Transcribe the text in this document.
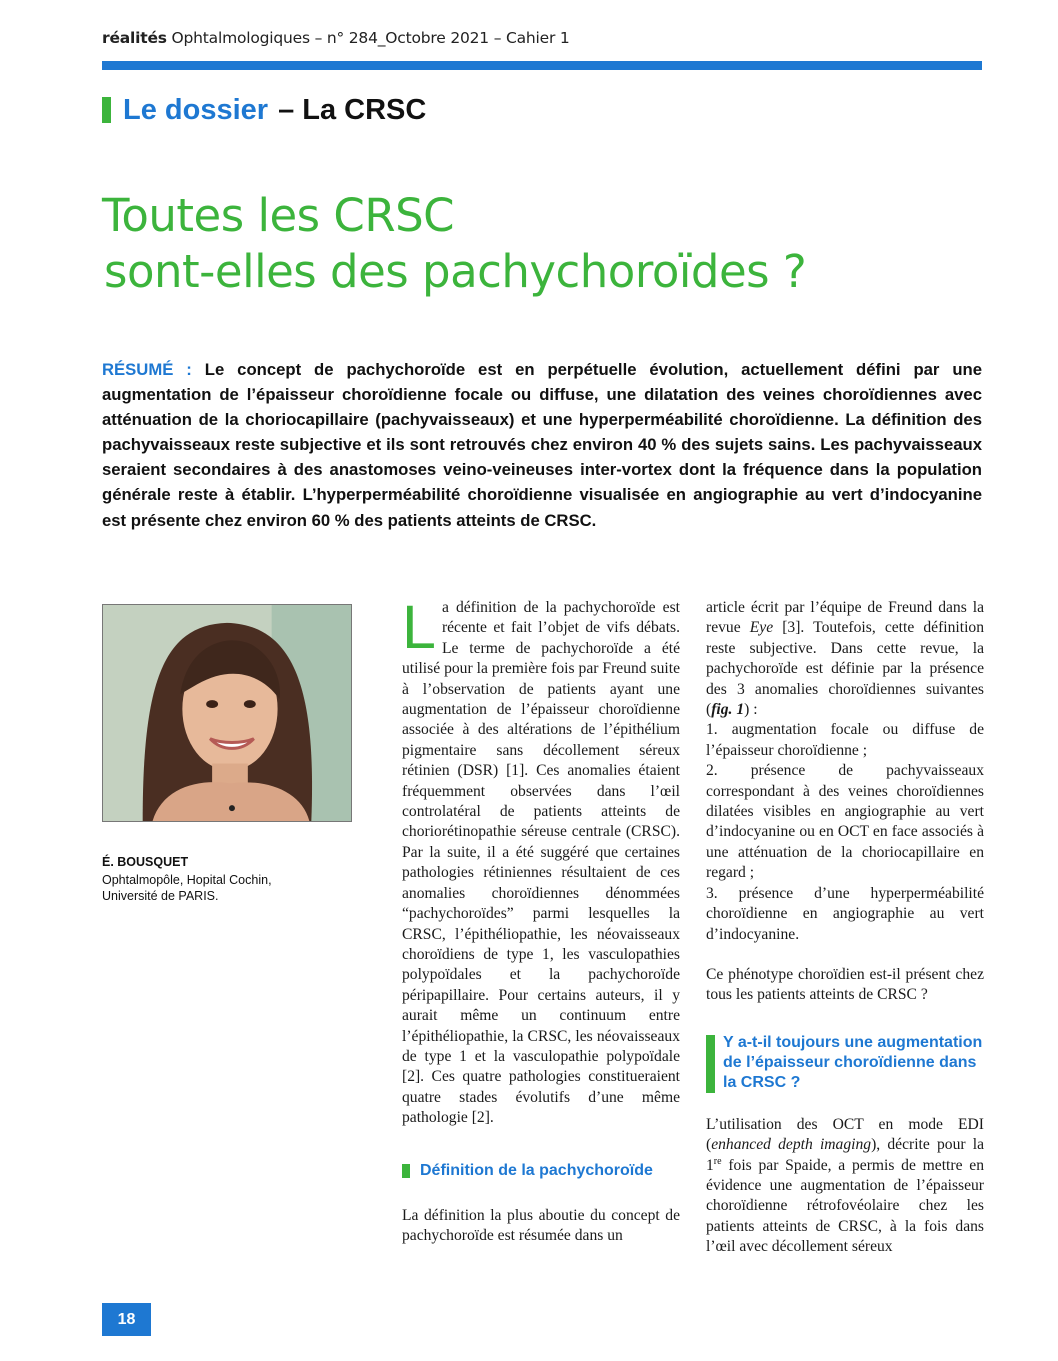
réalités Ophtalmologiques – n° 284_Octobre 2021 – Cahier 1
Le dossier – La CRSC
Toutes les CRSC
sont-elles des pachychoroïdes ?

RÉSUMÉ : Le concept de pachychoroïde est en perpétuelle évolution, actuellement défini par une augmentation de l’épaisseur choroïdienne focale ou diffuse, une dilatation des veines choroïdiennes avec atténuation de la choriocapillaire (pachyvaisseaux) et une hyperperméabilité choroïdienne. La définition des pachyvaisseaux reste subjective et ils sont retrouvés chez environ 40 % des sujets sains. Les pachyvaisseaux seraient secondaires à des anastomoses veino-veineuses inter-vortex dont la fréquence dans la population générale reste à établir. L’hyperperméabilité choroïdienne visualisée en angiographie au vert d’indocyanine est présente chez environ 60 % des patients atteints de CRSC.

É. BOUSQUET
Ophtalmopôle, Hopital Cochin,
Université de PARIS.

La définition de la pachychoroïde est récente et fait l’objet de vifs débats. Le terme de pachychoroïde a été utilisé pour la première fois par Freund suite à l’observation de patients ayant une augmentation de l’épaisseur choroïdienne associée à des altérations de l’épithélium pigmentaire sans décollement séreux rétinien (DSR) [1]. Ces anomalies étaient fréquemment observées dans l’œil controlatéral de patients atteints de choriorétinopathie séreuse centrale (CRSC). Par la suite, il a été suggéré que certaines pathologies rétiniennes résultaient de ces anomalies choroïdiennes dénommées “pachychoroïdes” parmi lesquelles la CRSC, l’épithéliopathie, les néovaisseaux choroïdiens de type 1, les vasculopathies polypoïdales et la pachychoroïde péripapillaire. Pour certains auteurs, il y aurait même un continuum entre l’épithéliopathie, la CRSC, les néovaisseaux de type 1 et la vasculopathie polypoïdale [2]. Ces quatre pathologies constitueraient quatre stades évolutifs d’une même pathologie [2].

Définition de la pachychoroïde

La définition la plus aboutie du concept de pachychoroïde est résumée dans un

article écrit par l’équipe de Freund dans la revue Eye [3]. Toutefois, cette définition reste subjective. Dans cette revue, la pachychoroïde est définie par la présence des 3 anomalies choroïdiennes suivantes (fig. 1) :

1. augmentation focale ou diffuse de l’épaisseur choroïdienne ;

2. présence de pachyvaisseaux correspondant à des veines choroïdiennes dilatées visibles en angiographie au vert d’indocyanine ou en OCT en face associés à une atténuation de la choriocapillaire en regard ;

3. présence d’une hyperperméabilité choroïdienne en angiographie au vert d’indocyanine.

Ce phénotype choroïdien est-il présent chez tous les patients atteints de CRSC ?

Y a-t-il toujours une augmentation de l’épaisseur choroïdienne dans la CRSC ?

L’utilisation des OCT en mode EDI (enhanced depth imaging), décrite pour la 1re fois par Spaide, a permis de mettre en évidence une augmentation de l’épaisseur choroïdienne rétrofovéolaire chez les patients atteints de CRSC, à la fois dans l’œil avec décollement séreux

18
